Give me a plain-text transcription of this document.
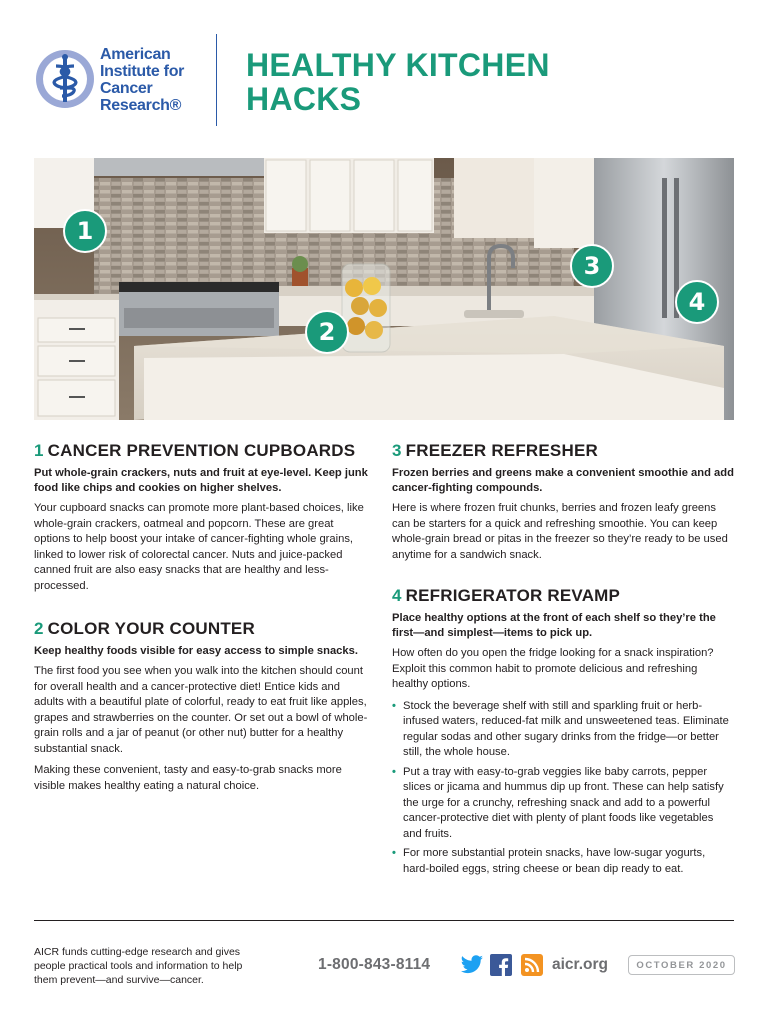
American
Institute for
Cancer
Research®
HEALTHY KITCHEN
HACKS
1
2
3
4
1 CANCER PREVENTION CUPBOARDS

Put whole-grain crackers, nuts and fruit at eye-level. Keep junk food like chips and cookies on higher shelves.

Your cupboard snacks can promote more plant-based choices, like whole-grain crackers, oatmeal and popcorn. These are great options to help boost your intake of cancer-fighting whole grains, linked to lower risk of colorectal cancer. Nuts and juice-packed canned fruit are also easy snacks that are healthy and less-processed.

2 COLOR YOUR COUNTER

Keep healthy foods visible for easy access to simple snacks.

The first food you see when you walk into the kitchen should count for overall health and a cancer-protective diet! Entice kids and adults with a beautiful plate of colorful, ready to eat fruit like apples, grapes and strawberries on the counter. Or set out a bowl of whole-grain rolls and a jar of peanut (or other nut) butter for a healthy substantial snack.

Making these convenient, tasty and easy-to-grab snacks more visible makes healthy eating a natural choice.

3 FREEZER REFRESHER

Frozen berries and greens make a convenient smoothie and add cancer-fighting compounds.

Here is where frozen fruit chunks, berries and frozen leafy greens can be starters for a quick and refreshing smoothie. You can keep whole-grain bread or pitas in the freezer so they’re ready to be used anytime for a sandwich snack.

4 REFRIGERATOR REVAMP

Place healthy options at the front of each shelf so they’re the first—and simplest—items to pick up.

How often do you open the fridge looking for a snack inspiration? Exploit this common habit to promote delicious and refreshing healthy options.

• Stock the beverage shelf with still and sparkling fruit or herb-infused waters, reduced-fat milk and unsweetened teas. Eliminate regular sodas and other sugary drinks from the fridge—or better still, the whole house.
• Put a tray with easy-to-grab veggies like baby carrots, pepper slices or jicama and hummus dip up front. These can help satisfy the urge for a crunchy, refreshing snack and add to a powerful cancer-protective diet with plenty of plant foods like vegetables and fruits.
• For more substantial protein snacks, have low-sugar yogurts, hard-boiled eggs, string cheese or bean dip ready to eat.

AICR funds cutting-edge research and gives people practical tools and information to help them prevent—and survive—cancer.

1-800-843-8114	aicr.org	OCTOBER 2020
